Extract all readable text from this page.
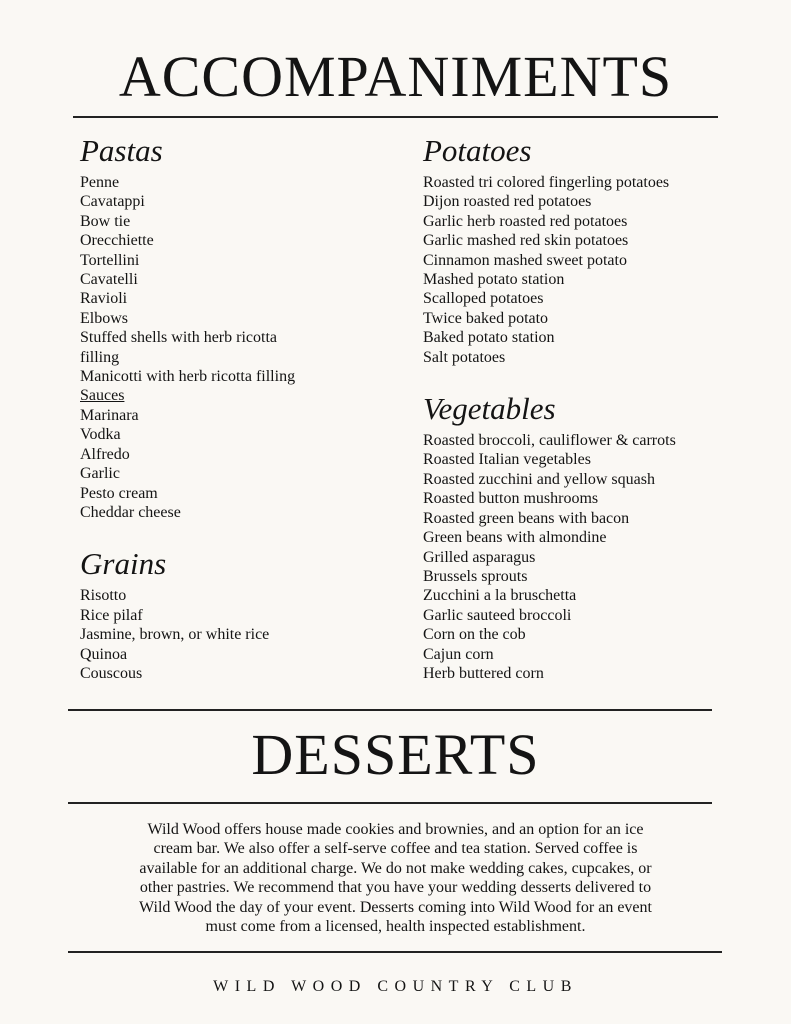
ACCOMPANIMENTS
Pastas
Penne
Cavatappi
Bow tie
Orecchiette
Tortellini
Cavatelli
Ravioli
Elbows
Stuffed shells with herb ricotta
filling
Manicotti with herb ricotta filling
Sauces
Marinara
Vodka
Alfredo
Garlic
Pesto cream
Cheddar cheese
Grains
Risotto
Rice pilaf
Jasmine, brown, or white rice
Quinoa
Couscous
Potatoes
Roasted tri colored fingerling potatoes
Dijon roasted red potatoes
Garlic herb roasted red potatoes
Garlic mashed red skin potatoes
Cinnamon mashed sweet potato
Mashed potato station
Scalloped potatoes
Twice baked potato
Baked potato station
Salt potatoes
Vegetables
Roasted broccoli, cauliflower & carrots
Roasted Italian vegetables
Roasted zucchini and yellow squash
Roasted button mushrooms
Roasted green beans with bacon
Green beans with almondine
Grilled asparagus
Brussels sprouts
Zucchini a la bruschetta
Garlic sauteed broccoli
Corn on the cob
Cajun corn
Herb buttered corn
DESSERTS
Wild Wood offers house made cookies and brownies, and an option for an ice
cream bar. We also offer a self-serve coffee and tea station. Served coffee is
available for an additional charge. We do not make wedding cakes, cupcakes, or
other pastries. We recommend that you have your wedding desserts delivered to
Wild Wood the day of your event. Desserts coming into Wild Wood for an event
must come from a licensed, health inspected establishment.
WILD WOOD COUNTRY CLUB
